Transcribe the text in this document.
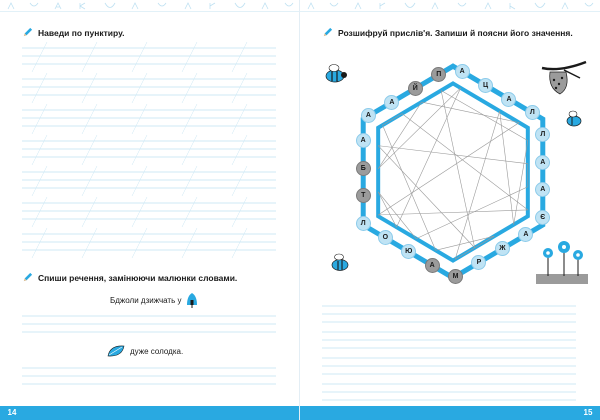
Наведи по пунктиру.
Спиши речення, замінюючи малюнки словами.
Бджоли дзижчать у
дуже солодка.
14
Розшифруй прислів'я. Запиши й поясни його значення.
Й
П	А
Ц
А
Л
Л
А
А
Є
А
Ж
Р
М
А
Ю
О
Л
Т
Б
А
А
А
15
